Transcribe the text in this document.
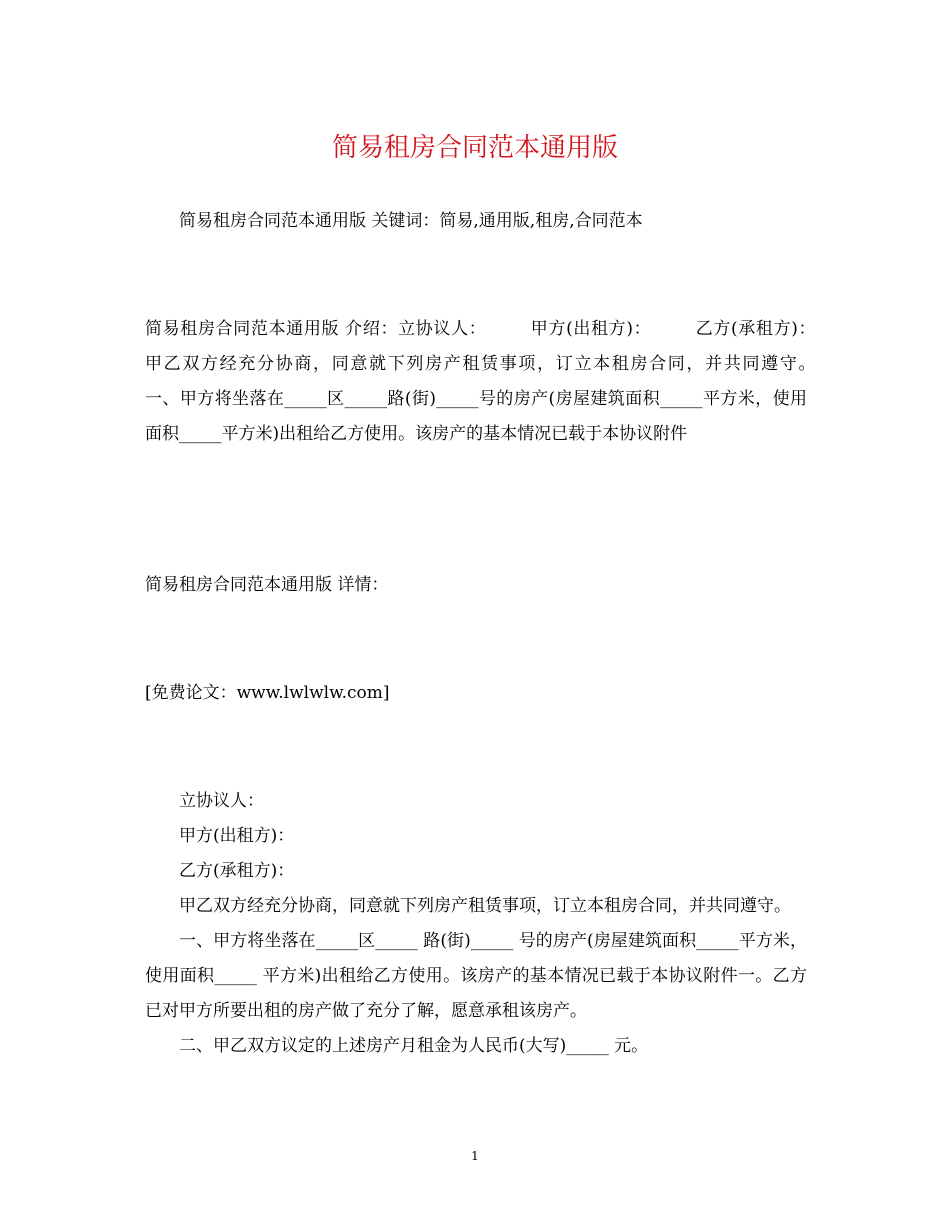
简易租房合同范本通用版
简易租房合同范本通用版 关键词：简易,通用版,租房,合同范本
简易租房合同范本通用版 介绍：立协议人：　　　甲方(出租方)：　　　乙方(承租方)：　　　甲乙双方经充分协商，同意就下列房产租赁事项，订立本租房合同，并共同遵守。　　　一、甲方将坐落在_____区_____路(街)_____号的房产(房屋建筑面积_____平方米，使用面积_____平方米)出租给乙方使用。该房产的基本情况已载于本协议附件
简易租房合同范本通用版 详情：
[免费论文：www.lwlwlw.com]
立协议人：
甲方(出租方)：
乙方(承租方)：
甲乙双方经充分协商，同意就下列房产租赁事项，订立本租房合同，并共同遵守。
一、甲方将坐落在_____区_____ 路(街)_____ 号的房产(房屋建筑面积_____平方米，使用面积_____ 平方米)出租给乙方使用。该房产的基本情况已载于本协议附件一。乙方已对甲方所要出租的房产做了充分了解，愿意承租该房产。
二、甲乙双方议定的上述房产月租金为人民币(大写)_____ 元。
1
